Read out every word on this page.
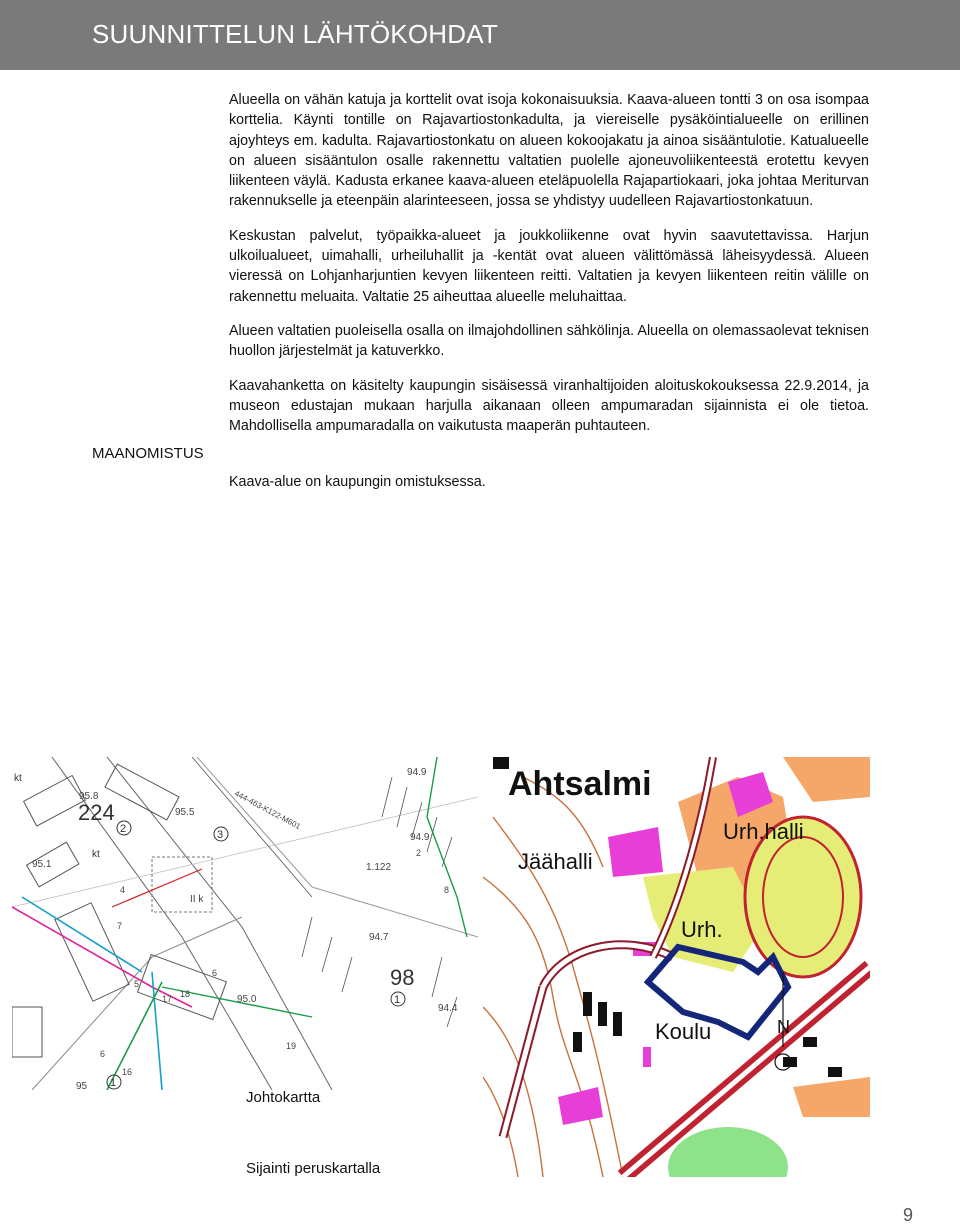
SUUNNITTELUN LÄHTÖKOHDAT

Alueella on vähän katuja ja korttelit ovat isoja kokonaisuuksia. Kaava-alueen tontti 3 on osa isompaa korttelia. Käynti tontille on Rajavartiostonkadulta, ja viereiselle pysäköintialueelle on erillinen ajoyhteys em. kadulta. Rajavartiostonkatu on alueen kokoojakatu ja ainoa sisääntulotie. Katualueelle on alueen sisääntulon osalle rakennettu valtatien puolelle ajoneuvoliikenteestä erotettu kevyen liikenteen väylä. Kadusta erkanee kaava-alueen eteläpuolella Rajapartiokaari, joka johtaa Meriturvan rakennukselle ja eteenpäin alarinteeseen, jossa se yhdistyy uudelleen Rajavartiostonkatuun.

Keskustan palvelut, työpaikka-alueet ja joukkoliikenne ovat hyvin saavutettavissa. Harjun ulkoilualueet, uimahalli, urheiluhallit ja -kentät ovat alueen välittömässä läheisyydessä. Alueen vieressä on Lohjanharjuntien kevyen liikenteen reitti. Valtatien ja kevyen liikenteen reitin välille on rakennettu meluaita. Valtatie 25 aiheuttaa alueelle meluhaittaa.

Alueen valtatien puoleisella osalla on ilmajohdollinen sähkölinja. Alueella on olemassaolevat teknisen huollon järjestelmät ja katuverkko.

Kaavahanketta on käsitelty kaupungin sisäisessä viranhaltijoiden aloituskokouksessa 22.9.2014, ja museon edustajan mukaan harjulla aikanaan olleen ampumaradan sijainnista ei ole tietoa. Mahdollisella ampumaradalla on vaikutusta maaperän puhtauteen.

MAANOMISTUS
Kaava-alue on kaupungin omistuksessa.
kt
kt
224
98
2	3
1
95.8
95.5
94.9
94.9
94.7
95.0
94.4
95.1
95
444-463-K122-M601
1.122
II k
4
5
6
6
7
8
16
17 18
19
1
2
Ahtsalmi
Urh.halli
Jäähalli
Urh.
Koulu	N
Johtokartta
Sijainti peruskartalla
9
